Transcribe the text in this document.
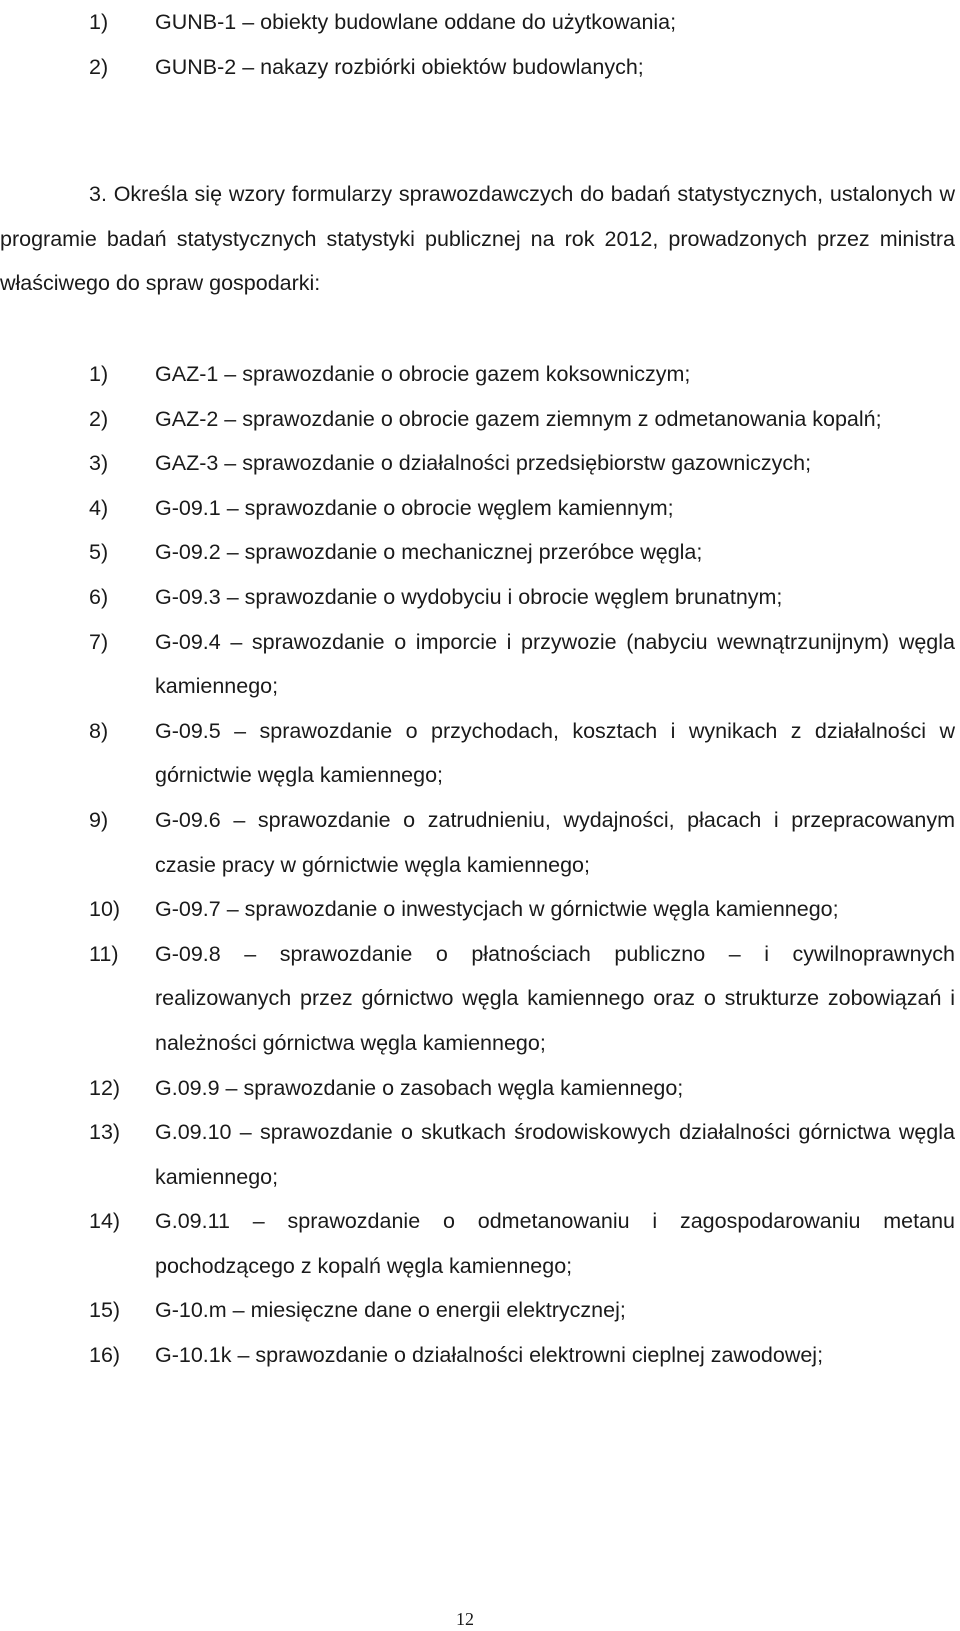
1)	GUNB-1 – obiekty budowlane oddane do użytkowania;
2)	GUNB-2 – nakazy rozbiórki obiektów budowlanych;

3. Określa się wzory formularzy sprawozdawczych do badań statystycznych, ustalonych w programie badań statystycznych statystyki publicznej na rok 2012, prowadzonych przez ministra właściwego do spraw gospodarki:

1)	GAZ-1 – sprawozdanie o obrocie gazem koksowniczym;
2)	GAZ-2 – sprawozdanie o obrocie gazem ziemnym z odmetanowania kopalń;
3)	GAZ-3 – sprawozdanie o działalności przedsiębiorstw gazowniczych;
4)	G-09.1 – sprawozdanie o obrocie węglem kamiennym;
5)	G-09.2 – sprawozdanie o mechanicznej przeróbce węgla;
6)	G-09.3 – sprawozdanie o wydobyciu i obrocie węglem brunatnym;
7)	G-09.4 – sprawozdanie o imporcie i przywozie (nabyciu wewnątrzunijnym) węgla kamiennego;
8)	G-09.5 – sprawozdanie o przychodach, kosztach i wynikach z działalności w górnictwie węgla kamiennego;
9)	G-09.6 – sprawozdanie o zatrudnieniu, wydajności, płacach i przepracowanym czasie pracy w górnictwie węgla kamiennego;
10)	G-09.7 – sprawozdanie o inwestycjach w górnictwie węgla kamiennego;
11)	G-09.8 – sprawozdanie o płatnościach publiczno – i cywilnoprawnych realizowanych przez górnictwo węgla kamiennego oraz o strukturze zobowiązań i należności górnictwa węgla kamiennego;
12)	G.09.9 – sprawozdanie o zasobach węgla kamiennego;
13)	G.09.10 – sprawozdanie o skutkach środowiskowych działalności górnictwa węgla kamiennego;
14)	G.09.11 – sprawozdanie o odmetanowaniu i zagospodarowaniu metanu pochodzącego z kopalń węgla kamiennego;
15)	G-10.m – miesięczne dane o energii elektrycznej;
16)	G-10.1k – sprawozdanie o działalności elektrowni cieplnej zawodowej;
12
